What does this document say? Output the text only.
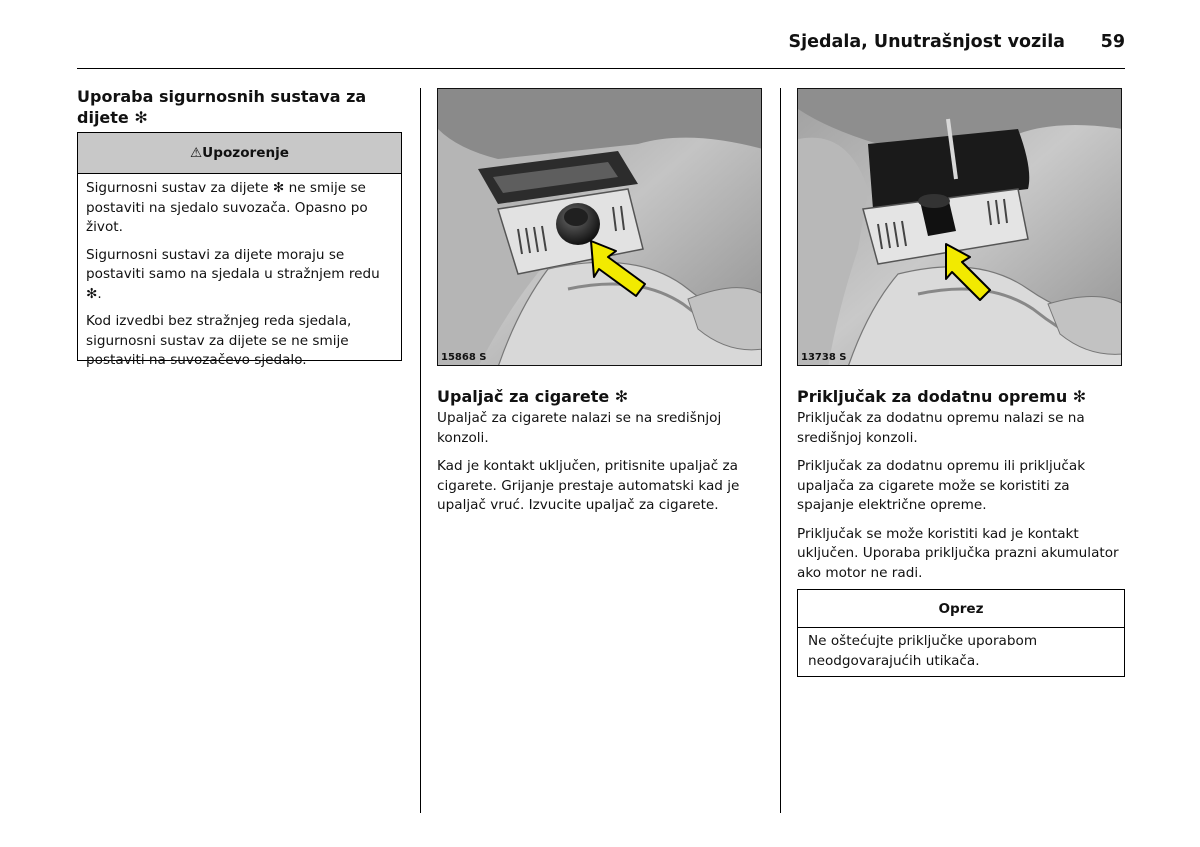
Sjedala, Unutrašnjost vozila	59
Uporaba sigurnosnih sustava za dijete ✻
⚠Upozorenje

Sigurnosni sustav za dijete ✻ ne smije se postaviti na sjedalo suvozača. Opasno po život.

Sigurnosni sustavi za dijete moraju se postaviti samo na sjedala u stražnjem redu ✻.

Kod izvedbi bez stražnjeg reda sjedala, sigurnosni sustav za dijete se ne smije postaviti na suvozačevo sjedalo.	15868 S
Upaljač za cigarete ✻

Upaljač za cigarete nalazi se na središnjoj konzoli.

Kad je kontakt uključen, pritisnite upaljač za cigarete. Grijanje prestaje automatski kad je upaljač vruć. Izvucite upaljač za cigarete.

13738 S
Priključak za dodatnu opremu ✻

Priključak za dodatnu opremu nalazi se na središnjoj konzoli.

Priključak za dodatnu opremu ili priključak upaljača za cigarete može se koristiti za spajanje električne opreme.

Priključak se može koristiti kad je kontakt uključen. Uporaba priključka prazni akumulator ako motor ne radi.

Oprez

Ne oštećujte priključke uporabom neodgovarajućih utikača.
